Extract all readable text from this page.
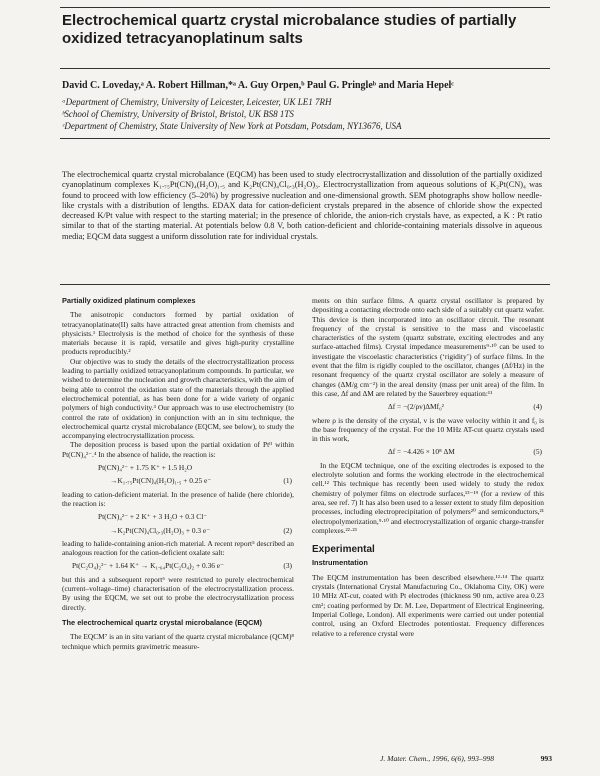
Electrochemical quartz crystal microbalance studies of partially oxidized tetracyanoplatinum salts
David C. Loveday,ᵃ A. Robert Hillman,*ᵃ A. Guy Orpen,ᵇ Paul G. Pringleᵇ and Maria Hepelᶜ
ᵃDepartment of Chemistry, University of Leicester, Leicester, UK LE1 7RH
ᵇSchool of Chemistry, University of Bristol, Bristol, UK BS8 1TS
ᶜDepartment of Chemistry, State University of New York at Potsdam, Potsdam, NY13676, USA
The electrochemical quartz crystal microbalance (EQCM) has been used to study electrocrystallization and dissolution of the partially oxidized cyanoplatinum complexes K₁.₇₅Pt(CN)₄(H₂O)₁.₅ and K₂Pt(CN)₄Cl₀.₃(H₂O)₃. Electrocrystallization from aqueous solutions of K₂Pt(CN)₄ was found to proceed with low efficiency (5–20%) by progressive nucleation and one-dimensional growth. SEM photographs show hollow needle-like crystals with a distribution of lengths. EDAX data for cation-deficient crystals prepared in the absence of chloride show the expected decreased K/Pt value with respect to the starting material; in the presence of chloride, the anion-rich crystals have, as expected, a K : Pt ratio similar to that of the starting material. At potentials below 0.8 V, both cation-deficient and chloride-containing materials dissolve in aqueous media; EQCM data suggest a uniform dissolution rate for individual crystals.
Partially oxidized platinum complexes

The anisotropic conductors formed by partial oxidation of tetracyanoplatinate(II) salts have attracted great attention from chemists and physicists.¹ Electrolysis is the method of choice for the synthesis of these materials because it is rapid, versatile and gives high-purity crystalline products reproducibly.²

Our objective was to study the details of the electrocrystallization process leading to partially oxidized tetracyanoplatinum compounds. In particular, we wished to determine the nucleation and growth characteristics, with the aim of being able to control the oxidation state of the materials through the applied electrochemical potential, as has been done for a wide variety of organic polymers of high conductivity.³ Our approach was to use electrochemistry (to control the rate of oxidation) in conjunction with an in situ technique, the electrochemical quartz crystal microbalance (EQCM, see below), to study the accompanying electrocrystallization process.

The deposition process is based upon the partial oxidation of Ptᴵᴵ within Pt(CN)₄²⁻.⁴ In the absence of halide, the reaction is:

Pt(CN)₄²⁻ + 1.75 K⁺ + 1.5 H₂O
→K₁.₇₅Pt(CN)₄(H₂O)₁.₅ + 0.25 e⁻	(1)

leading to cation-deficient material. In the presence of halide (here chloride), the reaction is:

Pt(CN)₄²⁻ + 2 K⁺ + 3 H₂O + 0.3 Cl⁻
→K₂Pt(CN)₄Cl₀.₃(H₂O)₃ + 0.3 e⁻	(2)

leading to halide-containing anion-rich material. A recent report⁵ described an analogous reaction for the cation-deficient oxalate salt:

Pt(C₂O₄)₂²⁻ + 1.64 K⁺ → K₁.₆₄Pt(C₂O₄)₂ + 0.36 e⁻	(3)

but this and a subsequent report⁶ were restricted to purely electrochemical (current–voltage–time) characterisation of the electrocrystallization process. By using the EQCM, we set out to probe the electrocrystallization process directly.

The electrochemical quartz crystal microbalance (EQCM)

The EQCM⁷ is an in situ variant of the quartz crystal microbalance (QCM)⁸ technique which permits gravimetric measure-

ments on thin surface films. A quartz crystal oscillator is prepared by depositing a contacting electrode onto each side of a suitably cut quartz wafer. This device is then incorporated into an oscillator circuit. The resonant frequency of the crystal is sensitive to the mass and viscoelastic characteristics of the system (quartz substrate, exciting electrodes and any surface-attached films). Crystal impedance measurements⁹·¹⁰ can be used to investigate the viscoelastic characteristics (‘rigidity’) of surface films. In the event that the film is rigidly coupled to the oscillator, changes (Δf/Hz) in the resonant frequency of the quartz crystal oscillator are solely a measure of changes (ΔM/g cm⁻²) in the areal density (mass per unit area) of the film. In this case, Δf and ΔM are related by the Sauerbrey equation:¹¹

Δf = −(2/ρv)ΔMf₀²	(4)

where ρ is the density of the crystal, v is the wave velocity within it and f₀ is the base frequency of the crystal. For the 10 MHz AT-cut quartz crystals used in this work,

Δf = −4.426 × 10⁸ ΔM	(5)

In the EQCM technique, one of the exciting electrodes is exposed to the electrolyte solution and forms the working electrode in the electrochemical cell.¹² This technique has recently been used widely to study the redox chemistry of polymer films on electrode surfaces,¹³⁻¹⁹ (for a review of this area, see ref. 7) It has also been used to a lesser extent to study film deposition processes, including electroprecipitation of polymers²⁰ and semiconductors,²¹ electropolymerization,⁹·¹⁰ and electrocrystallization of organic charge-transfer complexes.²²·²³

Experimental
Instrumentation

The EQCM instrumentation has been described elsewhere.¹²·¹⁴ The quartz crystals (International Crystal Manufacturing Co., Oklahoma City, OK) were 10 MHz AT-cut, coated with Pt electrodes (thickness 90 nm, active area 0.23 cm²; coating performed by Dr. M. Lee, Department of Electrical Engineering, Imperial College, London). All experiments were carried out under potential control, using an Oxford Electrodes potentiostat. Frequency differences relative to a reference crystal were

J. Mater. Chem., 1996, 6(6), 993–998	993
